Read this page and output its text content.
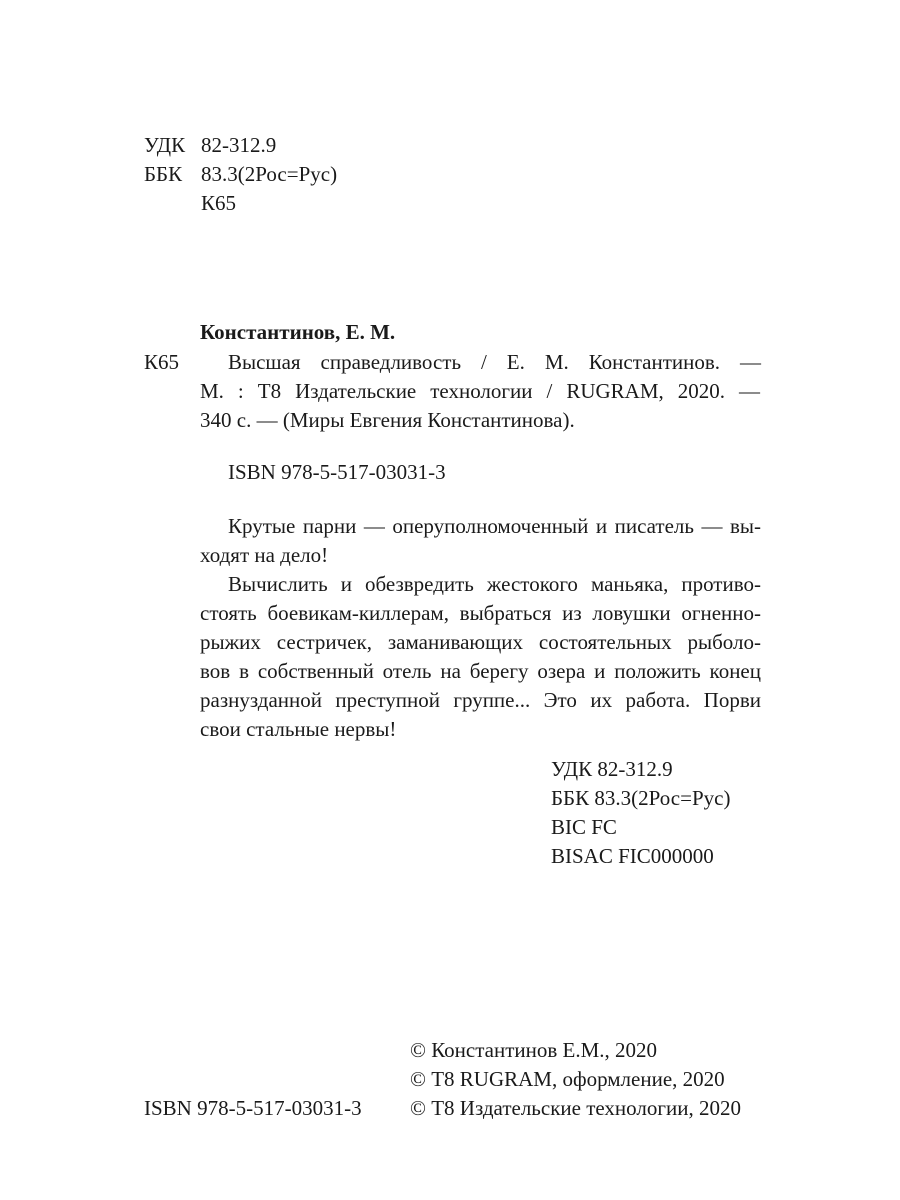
УДК 82-312.9
ББК 83.3(2Рос=Рус)
К65
Константинов, Е. М.
К65 Высшая справедливость / Е. М. Константинов. —
М. : Т8 Издательские технологии / RUGRAM, 2020. —
340 с. — (Миры Евгения Константинова).
ISBN 978-5-517-03031-3
Крутые парни — оперуполномоченный и писатель — вы-
ходят на дело!
Вычислить и обезвредить жестокого маньяка, противо-
стоять боевикам-киллерам, выбраться из ловушки огненно-
рыжих сестричек, заманивающих состоятельных рыболо-
вов в собственный отель на берегу озера и положить конец
разнузданной преступной группе... Это их работа. Порви
свои стальные нервы!
УДК 82-312.9
ББК 83.3(2Рос=Рус)
BIC FC
BISAC FIC000000
© Константинов Е.М., 2020
© Т8 RUGRAM, оформление, 2020
© Т8 Издательские технологии, 2020
ISBN 978-5-517-03031-3
